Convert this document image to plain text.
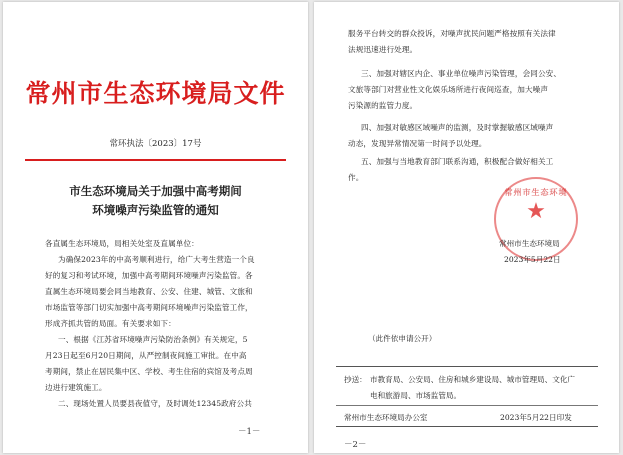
常州市生态环境局文件
常环执法〔2023〕17号
市生态环境局关于加强中高考期间
环境噪声污染监管的通知
各直属生态环境局，局相关处室及直属单位：
为确保2023年的中高考顺利进行，给广大考生营造一个良
好的复习和考试环境，加强中高考期间环境噪声污染监管。各
直属生态环境局要会同当地教育、公安、住建、城管、文旅和
市场监管等部门切实加强中高考期间环境噪声污染监管工作，
形成齐抓共管的局面。有关要求如下：
一、根据《江苏省环境噪声污染防治条例》有关规定，5
月23日起至6月20日期间，从严控制夜间施工审批。在中高
考期间，禁止在居民集中区、学校、考生住宿的宾馆及考点周
边进行建筑施工。
二、现场处置人员要县夜值守，及时调处12345政府公共
－1－
服务平台转交的群众投诉，对噪声扰民问题严格按照有关法律
法规迅速进行处理。
三、加强对辖区内企、事业单位噪声污染管理，会同公安、
文旅等部门对营业性文化娱乐场所进行夜间巡查，加大噪声
污染源的监管力度。
四、加强对敏感区域噪声的监测，及时掌握敏感区域噪声
动态，发现异常情况第一时间予以处理。
五、加强与当地教育部门联系沟通，积极配合做好相关工
作。
常州市生态环境
★
常州市生态环境局
2023年5月22日
（此件依申请公开）
抄送： 市教育局、公安局、住房和城乡建设局、城市管理局、文化广
电和旅游局、市场监管局。
常州市生态环境局办公室	2023年5月22日印发
－2－
